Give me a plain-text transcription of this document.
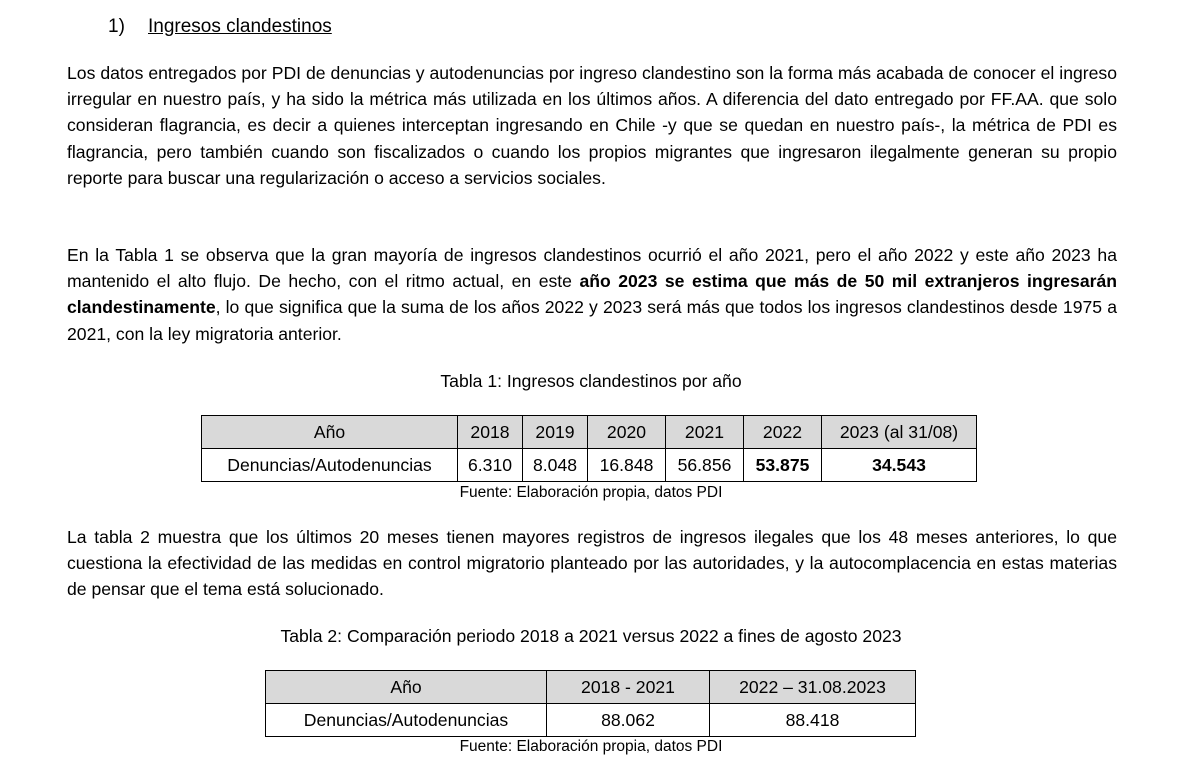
1) Ingresos clandestinos

Los datos entregados por PDI de denuncias y autodenuncias por ingreso clandestino son la forma más acabada de conocer el ingreso irregular en nuestro país, y ha sido la métrica más utilizada en los últimos años. A diferencia del dato entregado por FF.AA. que solo consideran flagrancia, es decir a quienes interceptan ingresando en Chile -y que se quedan en nuestro país-, la métrica de PDI es flagrancia, pero también cuando son fiscalizados o cuando los propios migrantes que ingresaron ilegalmente generan su propio reporte para buscar una regularización o acceso a servicios sociales.

En la Tabla 1 se observa que la gran mayoría de ingresos clandestinos ocurrió el año 2021, pero el año 2022 y este año 2023 ha mantenido el alto flujo. De hecho, con el ritmo actual, en este año 2023 se estima que más de 50 mil extranjeros ingresarán clandestinamente, lo que significa que la suma de los años 2022 y 2023 será más que todos los ingresos clandestinos desde 1975 a 2021, con la ley migratoria anterior.

Tabla 1: Ingresos clandestinos por año
Año	2018	2019	2020	2021	2022	2023 (al 31/08)
Denuncias/Autodenuncias	6.310	8.048	16.848	56.856	53.875	34.543
Fuente: Elaboración propia, datos PDI

La tabla 2 muestra que los últimos 20 meses tienen mayores registros de ingresos ilegales que los 48 meses anteriores, lo que cuestiona la efectividad de las medidas en control migratorio planteado por las autoridades, y la autocomplacencia en estas materias de pensar que el tema está solucionado.

Tabla 2: Comparación periodo 2018 a 2021 versus 2022 a fines de agosto 2023
Año	2018 - 2021	2022 – 31.08.2023
Denuncias/Autodenuncias	88.062	88.418
Fuente: Elaboración propia, datos PDI
